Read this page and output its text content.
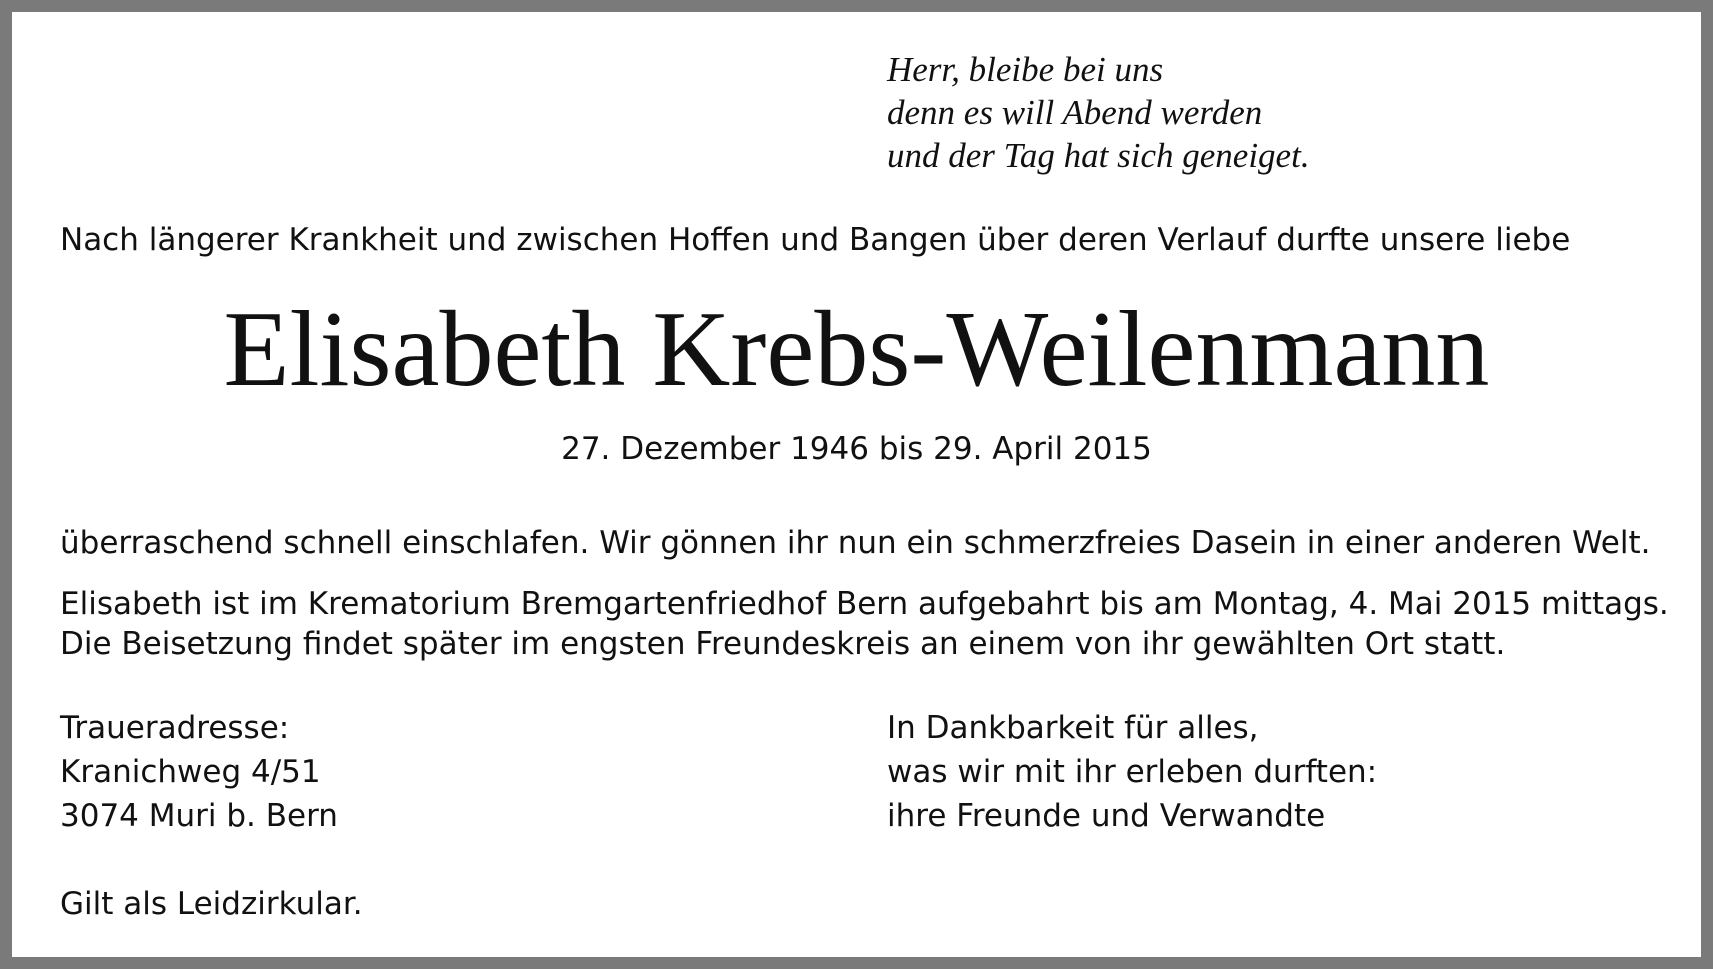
Herr, bleibe bei uns
denn es will Abend werden
und der Tag hat sich geneiget.
Nach längerer Krankheit und zwischen Hoffen und Bangen über deren Verlauf durfte unsere liebe
Elisabeth Krebs-Weilenmann
27. Dezember 1946 bis 29. April 2015
überraschend schnell einschlafen. Wir gönnen ihr nun ein schmerzfreies Dasein in einer anderen Welt.
Elisabeth ist im Krematorium Bremgartenfriedhof Bern aufgebahrt bis am Montag, 4. Mai 2015 mittags.
Die Beisetzung findet später im engsten Freundeskreis an einem von ihr gewählten Ort statt.
Traueradresse:
Kranichweg 4/51
3074 Muri b. Bern
In Dankbarkeit für alles,
was wir mit ihr erleben durften:
ihre Freunde und Verwandte
Gilt als Leidzirkular.
